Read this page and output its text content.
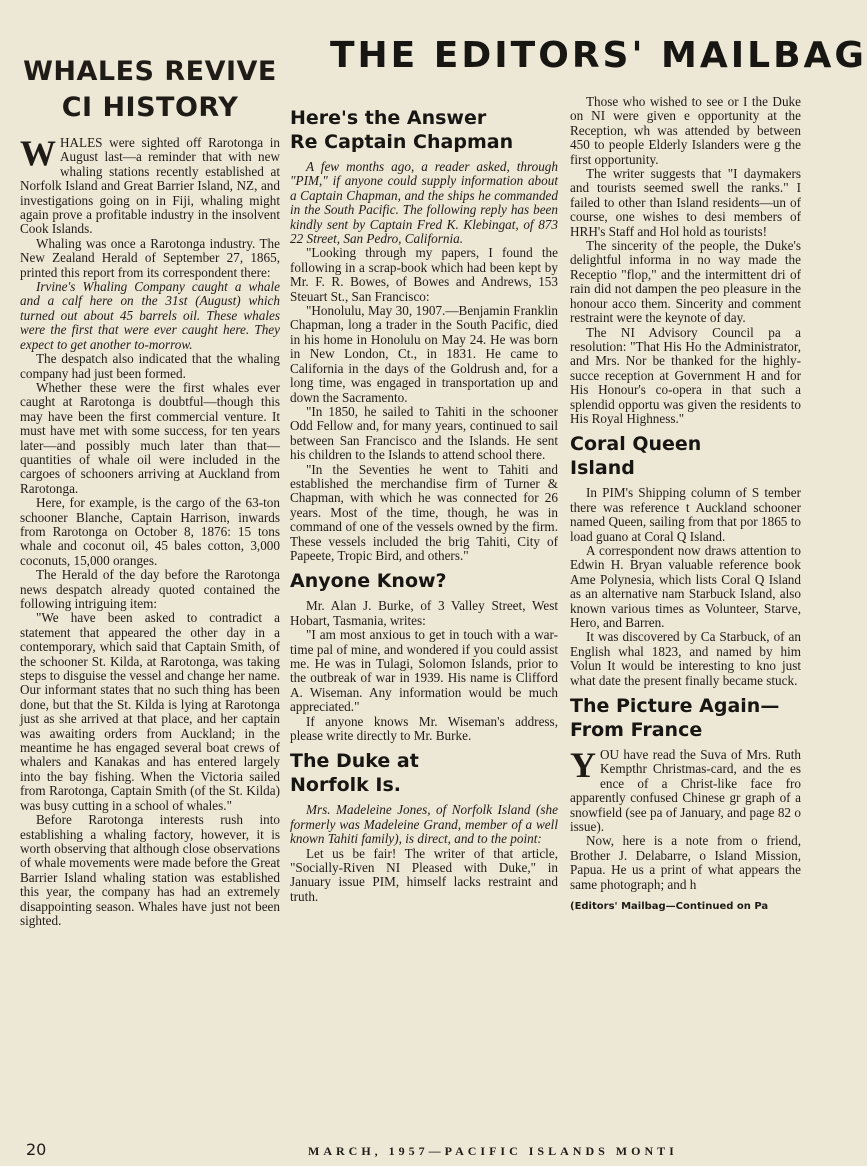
THE EDITORS' MAILBAG
WHALES REVIVE
CI HISTORY

WHALES were sighted off Rarotonga in August last—a reminder that with new whaling stations recently established at Norfolk Island and Great Barrier Island, NZ, and investigations going on in Fiji, whaling might again prove a profitable industry in the insolvent Cook Islands.

Whaling was once a Rarotonga industry. The New Zealand Herald of September 27, 1865, printed this report from its correspondent there:

Irvine's Whaling Company caught a whale and a calf here on the 31st (August) which turned out about 45 barrels oil. These whales were the first that were ever caught here. They expect to get another to-morrow.

The despatch also indicated that the whaling company had just been formed.

Whether these were the first whales ever caught at Rarotonga is doubtful—though this may have been the first commercial venture. It must have met with some success, for ten years later—and possibly much later than that—quantities of whale oil were included in the cargoes of schooners arriving at Auckland from Rarotonga.

Here, for example, is the cargo of the 63-ton schooner Blanche, Captain Harrison, inwards from Rarotonga on October 8, 1876: 15 tons whale and coconut oil, 45 bales cotton, 3,000 coconuts, 15,000 oranges.

The Herald of the day before the Rarotonga news despatch already quoted contained the following intriguing item:

"We have been asked to contradict a statement that appeared the other day in a contemporary, which said that Captain Smith, of the schooner St. Kilda, at Rarotonga, was taking steps to disguise the vessel and change her name. Our informant states that no such thing has been done, but that the St. Kilda is lying at Rarotonga just as she arrived at that place, and her captain was awaiting orders from Auckland; in the meantime he has engaged several boat crews of whalers and Kanakas and has entered largely into the bay fishing. When the Victoria sailed from Rarotonga, Captain Smith (of the St. Kilda) was busy cutting in a school of whales."

Before Rarotonga interests rush into establishing a whaling factory, however, it is worth observing that although close observations of whale movements were made before the Great Barrier Island whaling station was established this year, the company has had an extremely disappointing season. Whales have just not been sighted.

Here's the Answer
Re Captain Chapman

A few months ago, a reader asked, through "PIM," if anyone could supply information about a Captain Chapman, and the ships he commanded in the South Pacific. The following reply has been kindly sent by Captain Fred K. Klebingat, of 873 22 Street, San Pedro, California.

"Looking through my papers, I found the following in a scrap-book which had been kept by Mr. F. R. Bowes, of Bowes and Andrews, 153 Steuart St., San Francisco:

"Honolulu, May 30, 1907.—Benjamin Franklin Chapman, long a trader in the South Pacific, died in his home in Honolulu on May 24. He was born in New London, Ct., in 1831. He came to California in the days of the Goldrush and, for a long time, was engaged in transportation up and down the Sacramento.

"In 1850, he sailed to Tahiti in the schooner Odd Fellow and, for many years, continued to sail between San Francisco and the Islands. He sent his children to the Islands to attend school there.

"In the Seventies he went to Tahiti and established the merchandise firm of Turner & Chapman, with which he was connected for 26 years. Most of the time, though, he was in command of one of the vessels owned by the firm. These vessels included the brig Tahiti, City of Papeete, Tropic Bird, and others."

Anyone Know?

Mr. Alan J. Burke, of 3 Valley Street, West Hobart, Tasmania, writes:

"I am most anxious to get in touch with a war-time pal of mine, and wondered if you could assist me. He was in Tulagi, Solomon Islands, prior to the outbreak of war in 1939. His name is Clifford A. Wiseman. Any information would be much appreciated."

If anyone knows Mr. Wiseman's address, please write directly to Mr. Burke.

The Duke at
Norfolk Is.

Mrs. Madeleine Jones, of Norfolk Island (she formerly was Madeleine Grand, member of a well known Tahiti family), is direct, and to the point:

Let us be fair! The writer of that article, "Socially-Riven NI Pleased with Duke," in January issue PIM, himself lacks restraint and truth.

Those who wished to see or I the Duke on NI were given e opportunity at the Reception, wh was attended by between 450 to people Elderly Islanders were g the first opportunity.

The writer suggests that "I daymakers and tourists seemed swell the ranks." I failed to other than Island residents—un of course, one wishes to desi members of HRH's Staff and Hol hold as tourists!

The sincerity of the people, the Duke's delightful informa in no way made the Receptio "flop," and the intermittent dri of rain did not dampen the peo pleasure in the honour acco them. Sincerity and comment restraint were the keynote of day.

The NI Advisory Council pa a resolution: "That His Ho the Administrator, and Mrs. Nor be thanked for the highly-succe reception at Government H and for His Honour's co-opera in that such a splendid opportu was given the residents to His Royal Highness."

Coral Queen
Island

In PIM's Shipping column of S tember there was reference t Auckland schooner named Queen, sailing from that por 1865 to load guano at Coral Q Island.

A correspondent now draws attention to Edwin H. Bryan valuable reference book Ame Polynesia, which lists Coral Q Island as an alternative nam Starbuck Island, also known various times as Volunteer, Starve, Hero, and Barren.

It was discovered by Ca Starbuck, of an English whal 1823, and named by him Volun It would be interesting to kno just what date the present finally became stuck.

The Picture Again—
From France

YOU have read the Suva of Mrs. Ruth Kempthr Christmas-card, and the es ence of a Christ-like face fro apparently confused Chinese gr graph of a snowfield (see pa of January, and page 82 o issue).

Now, here is a note from o friend, Brother J. Delabarre, o Island Mission, Papua. He us a print of what appears the same photograph; and h

(Editors' Mailbag—Continued on Pa

20	MARCH, 1957—PACIFIC ISLANDS MONTI
